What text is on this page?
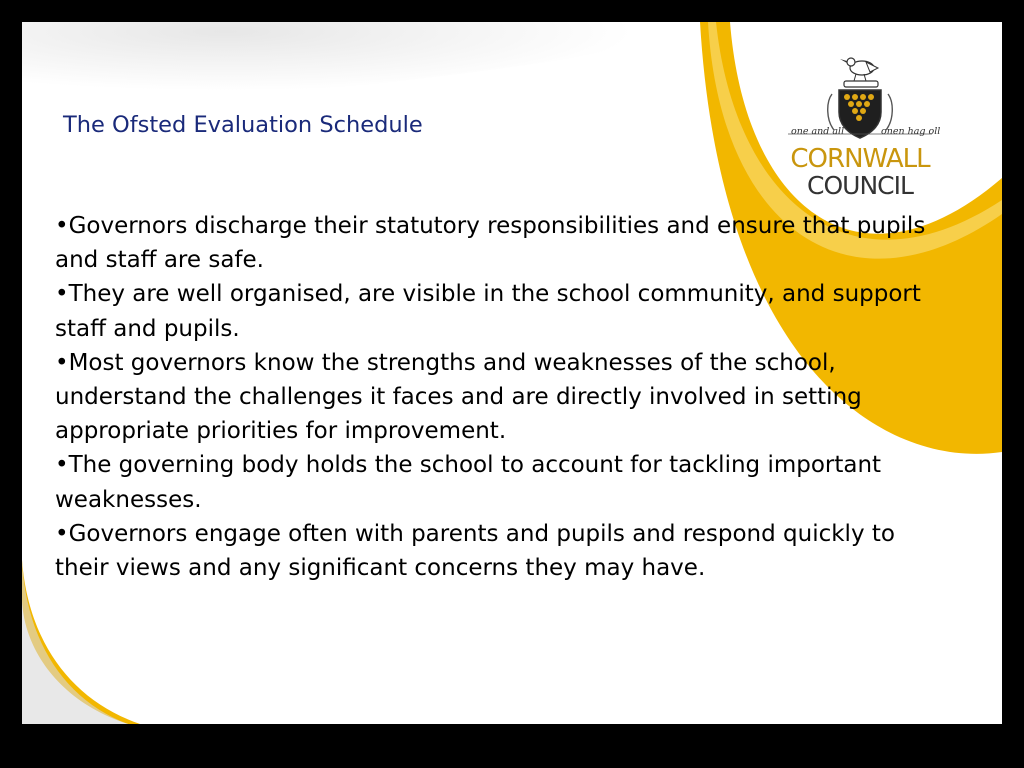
The Ofsted Evaluation Schedule
•Governors discharge their statutory responsibilities and ensure that pupils and staff are safe.
•They are well organised, are visible in the school community, and support staff and pupils.
•Most governors know the strengths and weaknesses of the school, understand the challenges it faces and are directly involved in setting appropriate priorities for improvement.
•The governing body holds the school to account for tackling important weaknesses.
•Governors engage often with parents and pupils and respond quickly to their views and any significant concerns they may have.
one and all	onen hag oll
CORNWALL
COUNCIL
